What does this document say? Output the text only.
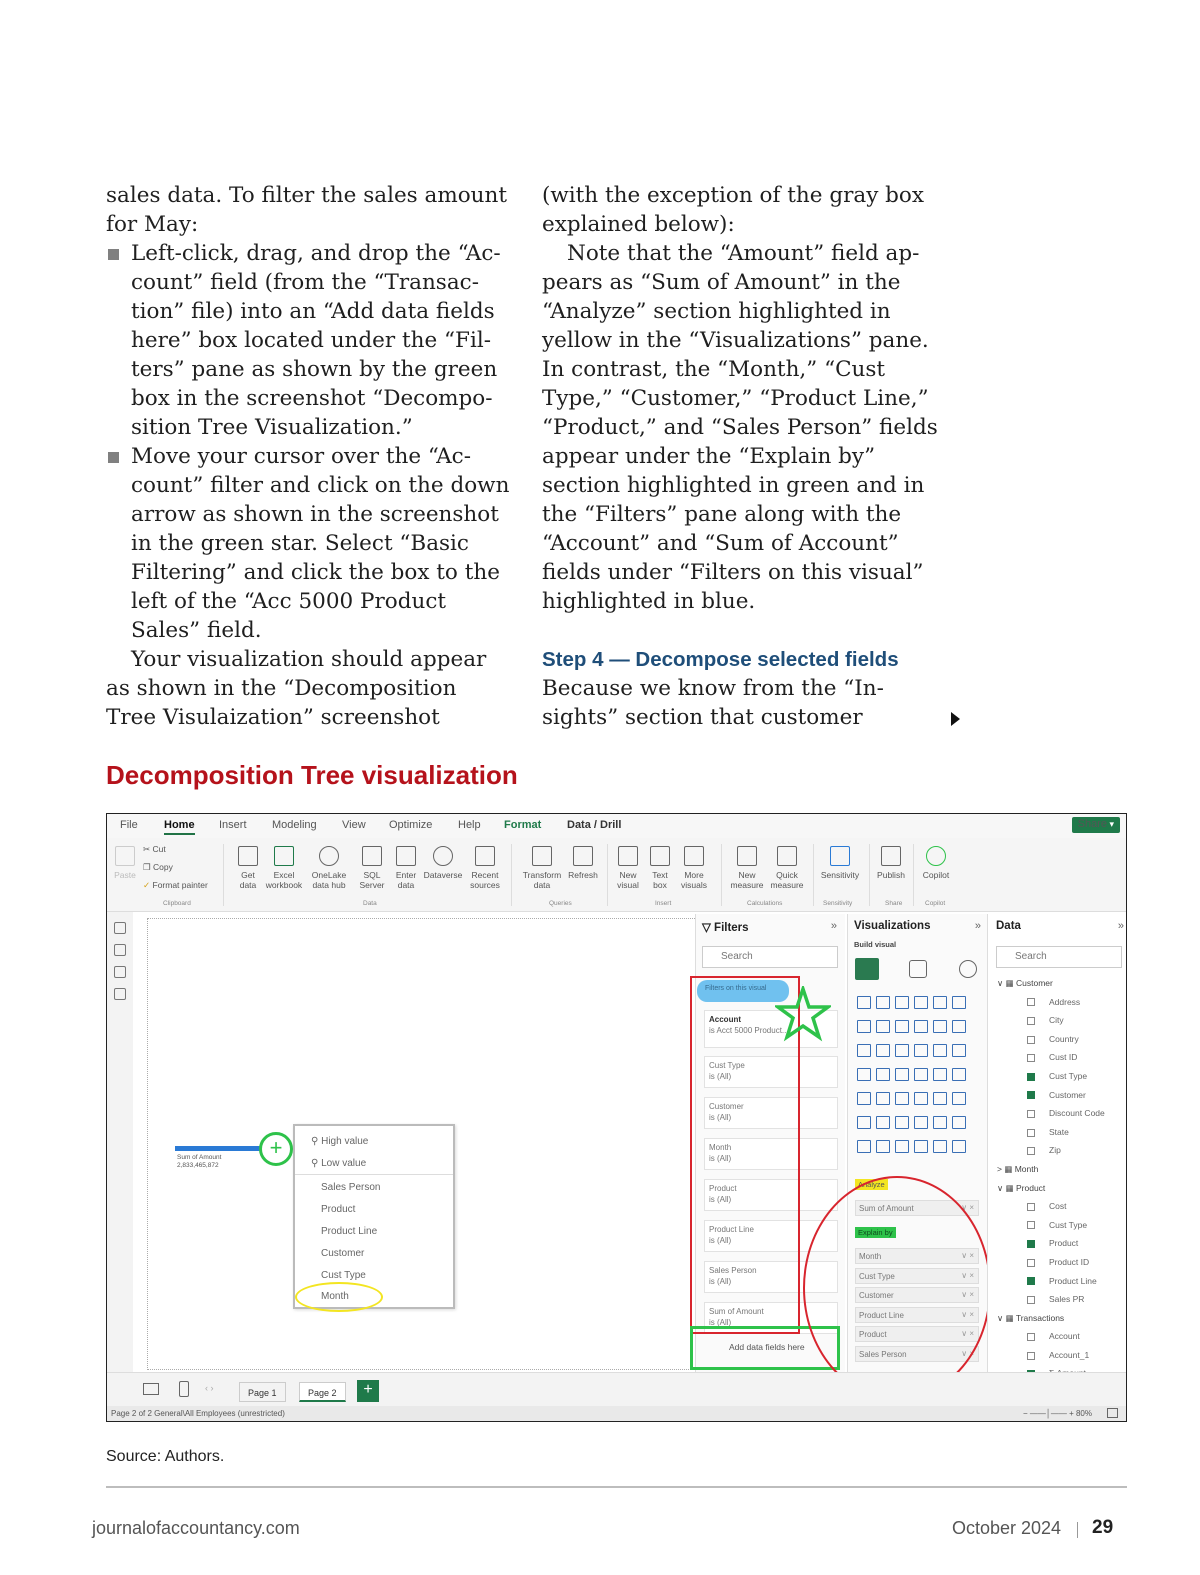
sales data. To filter the sales amount for May:

Left-click, drag, and drop the “Account” field (from the “Transaction” file) into an “Add data fields here” box located under the “Filters” pane as shown by the green box in the screenshot “Decomposition Tree Visualization.”

Move your cursor over the “Account” filter and click on the down arrow as shown in the screenshot in the green star. Select “Basic Filtering” and click the box to the left of the “Acc 5000 Product Sales” field.

Your visualization should appear as shown in the “Decomposition Tree Visulaization” screenshot

(with the exception of the gray box explained below):

Note that the “Amount” field appears as “Sum of Amount” in the “Analyze” section highlighted in yellow in the “Visualizations” pane. In contrast, the “Month,” “Cust Type,” “Customer,” “Product Line,” “Product,” and “Sales Person” fields appear under the “Explain by” section highlighted in green and in the “Filters” pane along with the “Account” and “Sum of Account” fields under “Filters on this visual” highlighted in blue.

Step 4 — Decompose selected fields

Because we know from the “Insights” section that customer

Decomposition Tree visualization
File Home Insert Modeling View Optimize Help Format Data / Drill	Share ▾
Paste
✂ Cut
❐ Copy
✓ Format painter
Clipboard
Get data
Excel workbook
OneLake data hub
SQL Server
Enter data
Dataverse	Recent sources
Data
Transform data
Refresh
Queries
New visual
Text box
More visuals
Insert
New measure
Quick measure
Calculations
Sensitivity
Sensitivity
Publish
Share
Copilot
Copilot
Sum of Amount
2,833,465,872
+	⚲ High value
⚲ Low value
Sales Person
Product
Product Line
Customer
Cust Type
Month
▽ Filters	»
Search
Account
is Acct 5000 Product...
Cust Type
is (All)
Customer
is (All)
Month
is (All)
Product
is (All)
Product Line
is (All)
Sales Person
is (All)
Sum of Amount
is (All)
Filters on this visual
Add data fields here
Visualizations	»
Build visual

Analyze
Sum of Amount ∨ ×
Explain by
Month ∨ ×
Cust Type ∨ ×
Customer ∨ ×
Product Line ∨ ×
Product ∨ ×
Sales Person ∨ ×
Data	»
Search
∨ ▦ Customer
Address
City
Country
Cust ID
Cust Type
Customer
Discount Code
State
Zip
> ▦ Month
∨ ▦ Product
Cost
Cust Type
Product
Product ID
Product Line
Sales PR
∨ ▦ Transactions
Account
Account_1
‹ ›	Page 1	Page 2	+
Page 2 of 2 General\All Employees (unrestricted)	− ——│—— + 80%
Source: Authors.
journalofaccountancy.com	October 2024 29
